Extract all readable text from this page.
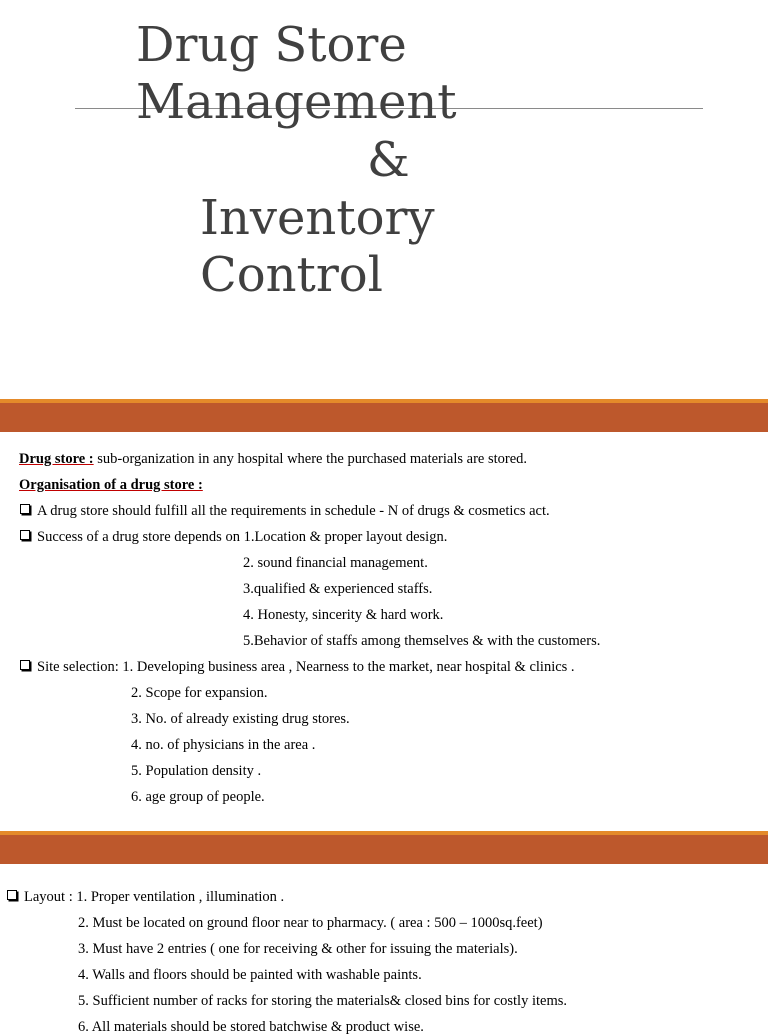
Drug Store
Management
&
Inventory
Control
Drug store : sub-organization in any hospital where the purchased materials are stored.
Organisation of a drug store :
A drug store should fulfill all the requirements in schedule - N of drugs & cosmetics act.
Success of a drug store depends on 1.Location & proper layout design.
2. sound financial management.
3.qualified & experienced staffs.
4. Honesty, sincerity & hard work.
5.Behavior of staffs among themselves & with the customers.
Site selection: 1. Developing business area , Nearness to the market, near hospital & clinics .
2. Scope for expansion.
3. No. of already existing drug stores.
4. no. of physicians in the area .
5. Population density .
6. age group of people.
Layout : 1. Proper ventilation , illumination .
2. Must be located on ground floor near to pharmacy. ( area : 500 – 1000sq.feet)
3. Must have 2 entries ( one for receiving & other for issuing the materials).
4. Walls and floors should be painted with washable paints.
5. Sufficient number of racks for storing the materials& closed bins for costly items.
6. All materials should be stored batchwise & product wise.
